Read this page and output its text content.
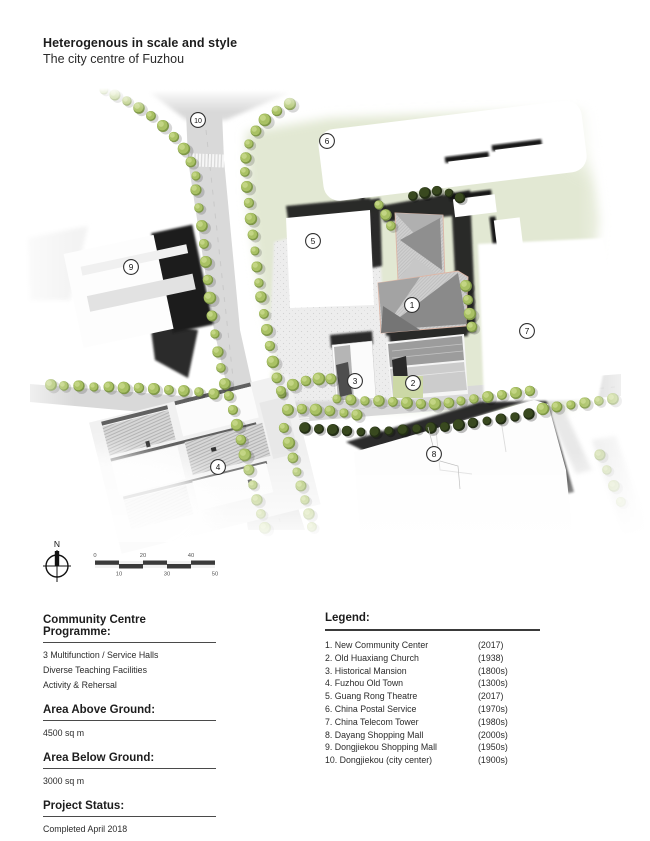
Heterogenous in scale and style
The city centre of Fuzhou
N
0	20	40
10	30	50
1
2
3
4
5
6
7
8
9
10
Community Centre Programme:
3 Multifunction / Service Halls
Diverse Teaching Facilities
Activity & Rehersal
Area Above Ground:
4500 sq m
Area Below Ground:
3000 sq m
Project Status:
Completed April 2018
Legend:
1. New Community Center	(2017)
2. Old Huaxiang Church	(1938)
3. Historical Mansion	(1800s)
4. Fuzhou Old Town	(1300s)
5. Guang Rong Theatre	(2017)
6. China Postal Service	(1970s)
7. China Telecom Tower	(1980s)
8. Dayang Shopping Mall	(2000s)
9. Dongjiekou Shopping Mall	(1950s)
10. Dongjiekou (city center)	(1900s)
